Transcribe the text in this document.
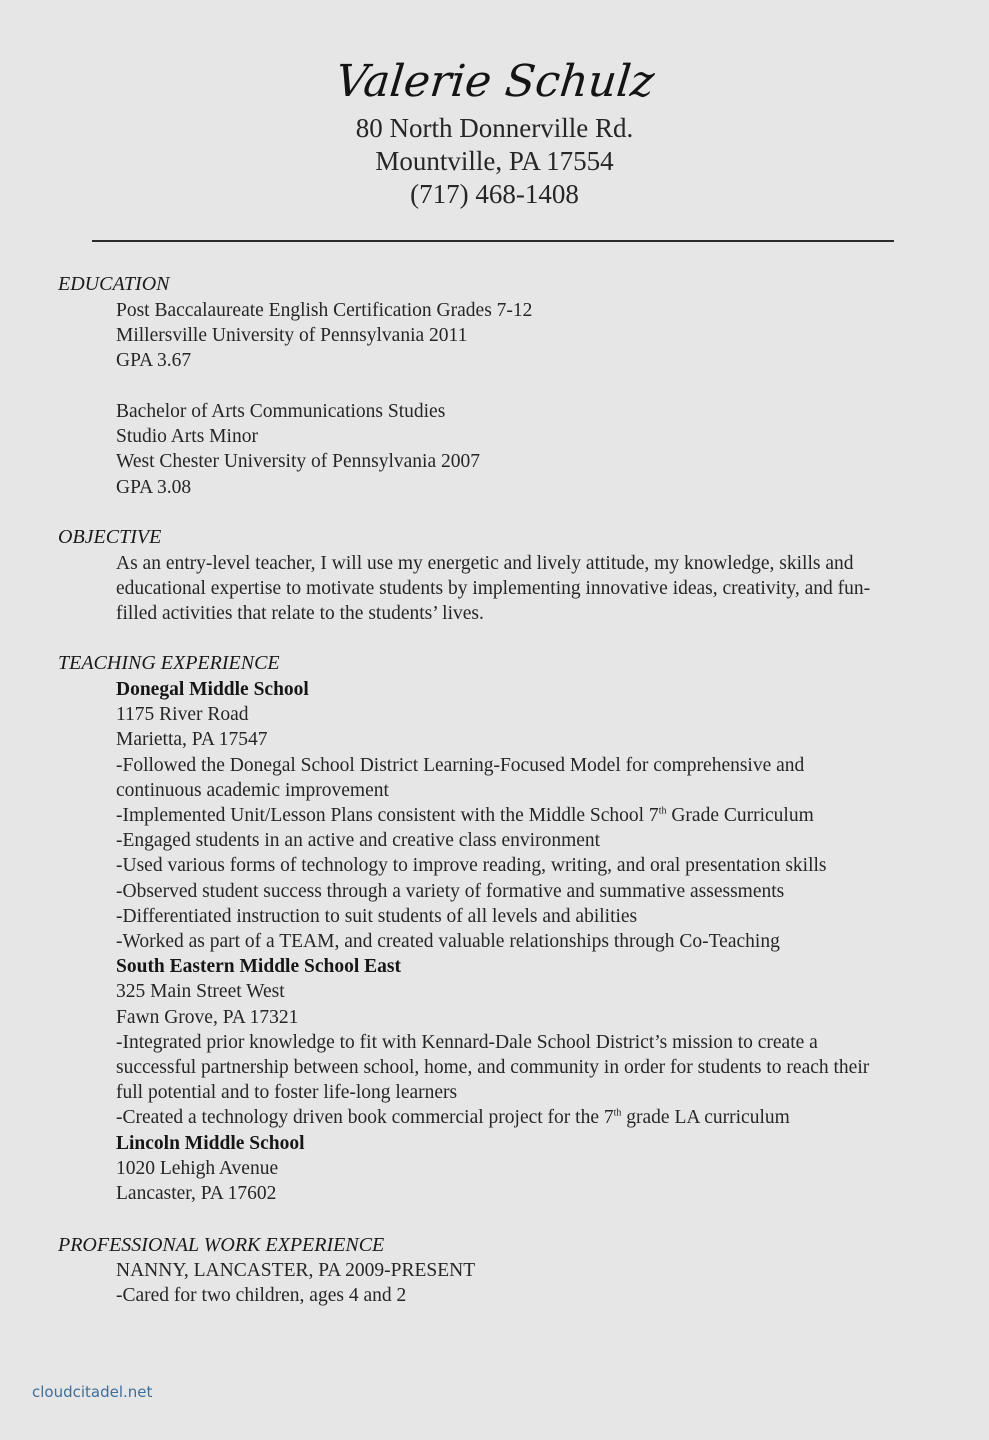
Valerie Schulz
80 North Donnerville Rd.
Mountville, PA 17554
(717) 468-1408
EDUCATION
Post Baccalaureate English Certification Grades 7-12
Millersville University of Pennsylvania 2011
GPA 3.67
Bachelor of Arts Communications Studies
Studio Arts Minor
West Chester University of Pennsylvania 2007
GPA 3.08
OBJECTIVE
As an entry-level teacher, I will use my energetic and lively attitude, my knowledge, skills and
educational expertise to motivate students by implementing innovative ideas, creativity, and fun-
filled activities that relate to the students’ lives.
TEACHING EXPERIENCE
Donegal Middle School
1175 River Road
Marietta, PA 17547
-Followed the Donegal School District Learning-Focused Model for comprehensive and
continuous academic improvement
-Implemented Unit/Lesson Plans consistent with the Middle School 7th Grade Curriculum
-Engaged students in an active and creative class environment
-Used various forms of technology to improve reading, writing, and oral presentation skills
-Observed student success through a variety of formative and summative assessments
-Differentiated instruction to suit students of all levels and abilities
-Worked as part of a TEAM, and created valuable relationships through Co-Teaching
South Eastern Middle School East
325 Main Street West
Fawn Grove, PA 17321
-Integrated prior knowledge to fit with Kennard-Dale School District’s mission to create a
successful partnership between school, home, and community in order for students to reach their
full potential and to foster life-long learners
-Created a technology driven book commercial project for the 7th grade LA curriculum
Lincoln Middle School
1020 Lehigh Avenue
Lancaster, PA 17602
PROFESSIONAL WORK EXPERIENCE
NANNY, LANCASTER, PA 2009-PRESENT
-Cared for two children, ages 4 and 2
cloudcitadel.net
